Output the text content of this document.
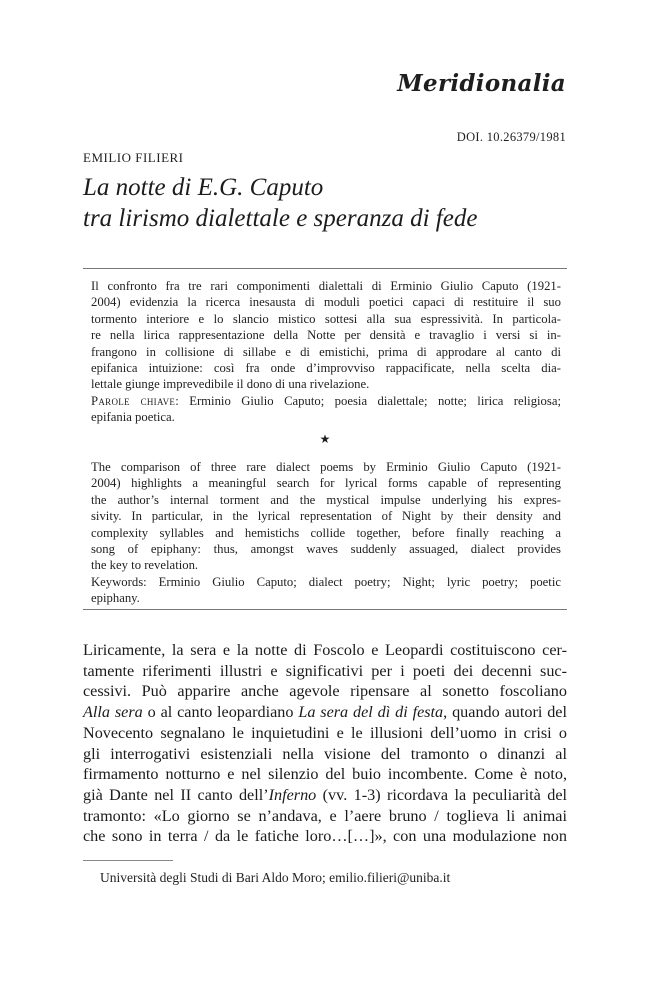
Meridionalia
DOI. 10.26379/1981
EMILIO FILIERI
La notte di E.G. Caputo
tra lirismo dialettale e speranza di fede
Il confronto fra tre rari componimenti dialettali di Erminio Giulio Caputo (1921-
2004) evidenzia la ricerca inesausta di moduli poetici capaci di restituire il suo
tormento interiore e lo slancio mistico sottesi alla sua espressività. In particola-
re nella lirica rappresentazione della Notte per densità e travaglio i versi si in-
frangono in collisione di sillabe e di emistichi, prima di approdare al canto di
epifanica intuizione: così fra onde d’improvviso rappacificate, nella scelta dia-
lettale giunge imprevedibile il dono di una rivelazione.
Parole chiave: Erminio Giulio Caputo; poesia dialettale; notte; lirica religiosa;
epifania poetica.
★
The comparison of three rare dialect poems by Erminio Giulio Caputo (1921-
2004) highlights a meaningful search for lyrical forms capable of representing
the author’s internal torment and the mystical impulse underlying his expres-
sivity. In particular, in the lyrical representation of Night by their density and
complexity syllables and hemistichs collide together, before finally reaching a
song of epiphany: thus, amongst waves suddenly assuaged, dialect provides
the key to revelation.
Keywords: Erminio Giulio Caputo; dialect poetry; Night; lyric poetry; poetic
epiphany.
Liricamente, la sera e la notte di Foscolo e Leopardi costituiscono cer-
tamente riferimenti illustri e significativi per i poeti dei decenni suc-
cessivi. Può apparire anche agevole ripensare al sonetto foscoliano
Alla sera o al canto leopardiano La sera del dì di festa, quando autori del
Novecento segnalano le inquietudini e le illusioni dell’uomo in crisi o
gli interrogativi esistenziali nella visione del tramonto o dinanzi al
firmamento notturno e nel silenzio del buio incombente. Come è noto,
già Dante nel II canto dell’Inferno (vv. 1-3) ricordava la peculiarità del
tramonto: «Lo giorno se n’andava, e l’aere bruno / toglieva li animai
che sono in terra / da le fatiche loro…[…]», con una modulazione non
Università degli Studi di Bari Aldo Moro; emilio.filieri@uniba.it
